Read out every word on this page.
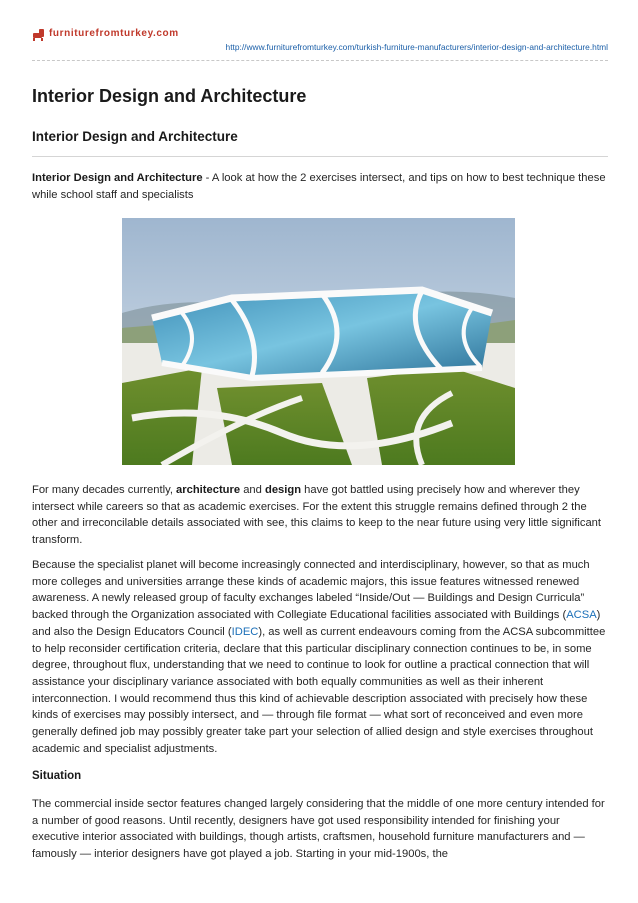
furniturefromturkey.com
http://www.furniturefromturkey.com/turkish-furniture-manufacturers/interior-design-and-architecture.html
Interior Design and Architecture
Interior Design and Architecture

Interior Design and Architecture - A look at how the 2 exercises intersect, and tips on how to best technique these while school staff and specialists

For many decades currently, architecture and design have got battled using precisely how and wherever they intersect while careers so that as academic exercises. For the extent this struggle remains defined through 2 the other and irreconcilable details associated with see, this claims to keep to the near future using very little significant transform.

Because the specialist planet will become increasingly connected and interdisciplinary, however, so that as much more colleges and universities arrange these kinds of academic majors, this issue features witnessed renewed awareness. A newly released group of faculty exchanges labeled “Inside/Out — Buildings and Design Curricula” backed through the Organization associated with Collegiate Educational facilities associated with Buildings (ACSA) and also the Design Educators Council (IDEC), as well as current endeavours coming from the ACSA subcommittee to help reconsider certification criteria, declare that this particular disciplinary connection continues to be, in some degree, throughout flux, understanding that we need to continue to look for outline a practical connection that will assistance your disciplinary variance associated with both equally communities as well as their inherent interconnection. I would recommend thus this kind of achievable description associated with precisely how these kinds of exercises may possibly intersect, and — through file format — what sort of reconceived and even more generally defined job may possibly greater take part your selection of allied design and style exercises throughout academic and specialist adjustments.

Situation

The commercial inside sector features changed largely considering that the middle of one more century intended for a number of good reasons. Until recently, designers have got used responsibility intended for finishing your executive interior associated with buildings, though artists, craftsmen, household furniture manufacturers and — famously — interior designers have got played a job. Starting in your mid-1900s, the
